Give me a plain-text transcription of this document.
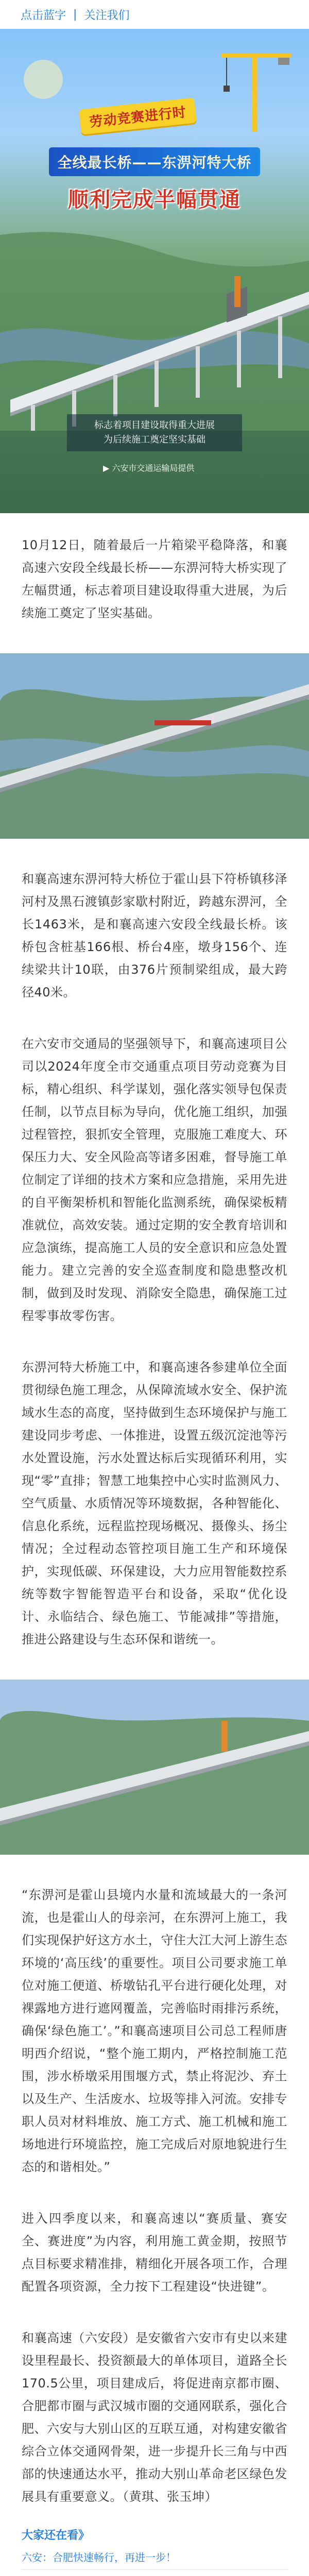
点击蓝字 | 关注我们
劳动竞赛进行时
全线最长桥——东淠河特大桥
顺利完成半幅贯通
标志着项目建设取得重大进展
为后续施工奠定坚实基础
▶ 六安市交通运输局提供

10月12日，随着最后一片箱梁平稳降落，和襄高速六安段全线最长桥——东淠河特大桥实现了左幅贯通，标志着项目建设取得重大进展，为后续施工奠定了坚实基础。

和襄高速东淠河特大桥位于霍山县下符桥镇移泽河村及黑石渡镇彭家歇村附近，跨越东淠河，全长1463米，是和襄高速六安段全线最长桥。该桥包含桩基166根、桥台4座，墩身156个、连续梁共计10联，由376片预制梁组成，最大跨径40米。

在六安市交通局的坚强领导下，和襄高速项目公司以2024年度全市交通重点项目劳动竞赛为目标，精心组织、科学谋划，强化落实领导包保责任制，以节点目标为导向，优化施工组织，加强过程管控，狠抓安全管理，克服施工难度大、环保压力大、安全风险高等诸多困难，督导施工单位制定了详细的技术方案和应急措施，采用先进的自平衡架桥机和智能化监测系统，确保梁板精准就位，高效安装。通过定期的安全教育培训和应急演练，提高施工人员的安全意识和应急处置能力。建立完善的安全巡查制度和隐患整改机制，做到及时发现、消除安全隐患，确保施工过程零事故零伤害。

东淠河特大桥施工中，和襄高速各参建单位全面贯彻绿色施工理念，从保障流域水安全、保护流域水生态的高度，坚持做到生态环境保护与施工建设同步考虑、一体推进，设置五级沉淀池等污水处置设施，污水处置达标后实现循环利用，实现“零”直排；智慧工地集控中心实时监测风力、空气质量、水质情况等环境数据，各种智能化、信息化系统，远程监控现场概况、摄像头、扬尘情况；全过程动态管控项目施工生产和环境保护，实现低碳、环保建设，大力应用智能数控系统等数字智能智造平台和设备，采取“优化设计、永临结合、绿色施工、节能减排”等措施，推进公路建设与生态环保和谐统一。

“东淠河是霍山县境内水量和流域最大的一条河流，也是霍山人的母亲河，在东淠河上施工，我们实现保护好这方水土，守住大江大河上游生态环境的‘高压线’的重要性。项目公司要求施工单位对施工便道、桥墩钻孔平台进行硬化处理，对裸露地方进行遮网覆盖，完善临时雨排污系统，确保‘绿色施工’。”和襄高速项目公司总工程师唐明西介绍说，“整个施工期内，严格控制施工范围，涉水桥墩采用围堰方式，禁止将泥沙、弃土以及生产、生活废水、垃圾等排入河流。安排专职人员对材料堆放、施工方式、施工机械和施工场地进行环境监控，施工完成后对原地貌进行生态的和谐相处。”

进入四季度以来，和襄高速以“赛质量、赛安全、赛进度”为内容，利用施工黄金期，按照节点目标要求精准排，精细化开展各项工作，合理配置各项资源，全力按下工程建设“快进键”。

和襄高速（六安段）是安徽省六安市有史以来建设里程最长、投资额最大的单体项目，道路全长170.5公里，项目建成后，将促进南京都市圈、合肥都市圈与武汉城市圈的交通网联系，强化合肥、六安与大别山区的互联互通，对构建安徽省综合立体交通网骨架，进一步提升长三角与中西部的快速通达水平，推动大别山革命老区绿色发展具有重要意义。（黄琪、张玉坤）

大家还在看》
六安：合肥快速畅行，再进一步！
